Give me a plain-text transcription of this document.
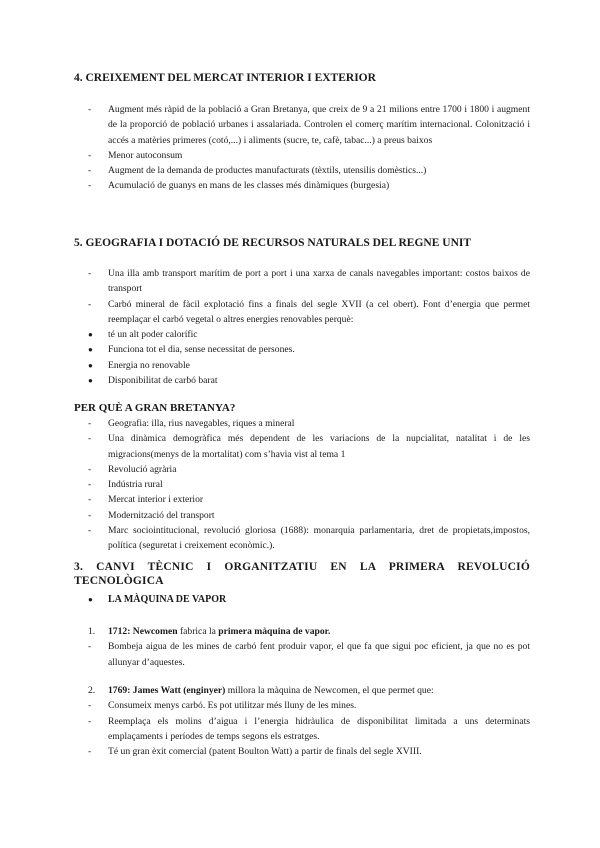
4. CREIXEMENT DEL MERCAT INTERIOR I EXTERIOR
- Augment més ràpid de la població a Gran Bretanya, que creix de 9 a 21 milions entre 1700 i 1800 i augment de la proporció de població urbanes i assalariada. Controlen el comerç marítim internacional. Colonització i accés a matèries primeres (cotó,...) i aliments (sucre, te, cafè, tabac...) a preus baixos
- Menor autoconsum
- Augment de la demanda de productes manufacturats (tèxtils, utensilis domèstics...)
- Acumulació de guanys en mans de les classes més dinàmiques (burgesia)
5. GEOGRAFIA I DOTACIÓ DE RECURSOS NATURALS DEL REGNE UNIT
- Una illa amb transport marítim de port a port i una xarxa de canals navegables important: costos baixos de transport
- Carbó mineral de fàcil explotació fins a finals del segle XVII (a cel obert). Font d’energia que permet reemplaçar el carbó vegetal o altres energies renovables perquè:
● té un alt poder calorífic
● Funciona tot el dia, sense necessitat de persones.
● Energia no renovable
● Disponibilitat de carbó barat
PER QUÈ A GRAN BRETANYA?
- Geografia: illa, rius navegables, riques a mineral
- Una dinàmica demogràfica més dependent de les variacions de la nupcialitat, natalitat i de les migracions(menys de la mortalitat) com s’havia vist al tema 1
- Revolució agrària
- Indústria rural
- Mercat interior i exterior
- Modernització del transport
- Marc sociointitucional, revolució gloriosa (1688): monarquia parlamentaria, dret de propietats,impostos, política (seguretat i creixement econòmic.).
3. CANVI TÈCNIC I ORGANITZATIU EN LA PRIMERA REVOLUCIÓ TECNOLÒGICA
● LA MÀQUINA DE VAPOR
1. 1712: Newcomen fabrica la primera màquina de vapor.
- Bombeja aigua de les mines de carbó fent produir vapor, el que fa que sigui poc eficient, ja que no es pot allunyar d’aquestes.
2. 1769: James Watt (enginyer) millora la màquina de Newcomen, el que permet que:
- Consumeix menys carbó. Es pot utilitzar més lluny de les mines.
- Reemplaça els molins d’aigua i l’energia hidràulica de disponibilitat limitada a uns determinats emplaçaments i períodes de temps segons els estratges.
- Té un gran èxit comercial (patent Boulton Watt) a partir de finals del segle XVIII.
